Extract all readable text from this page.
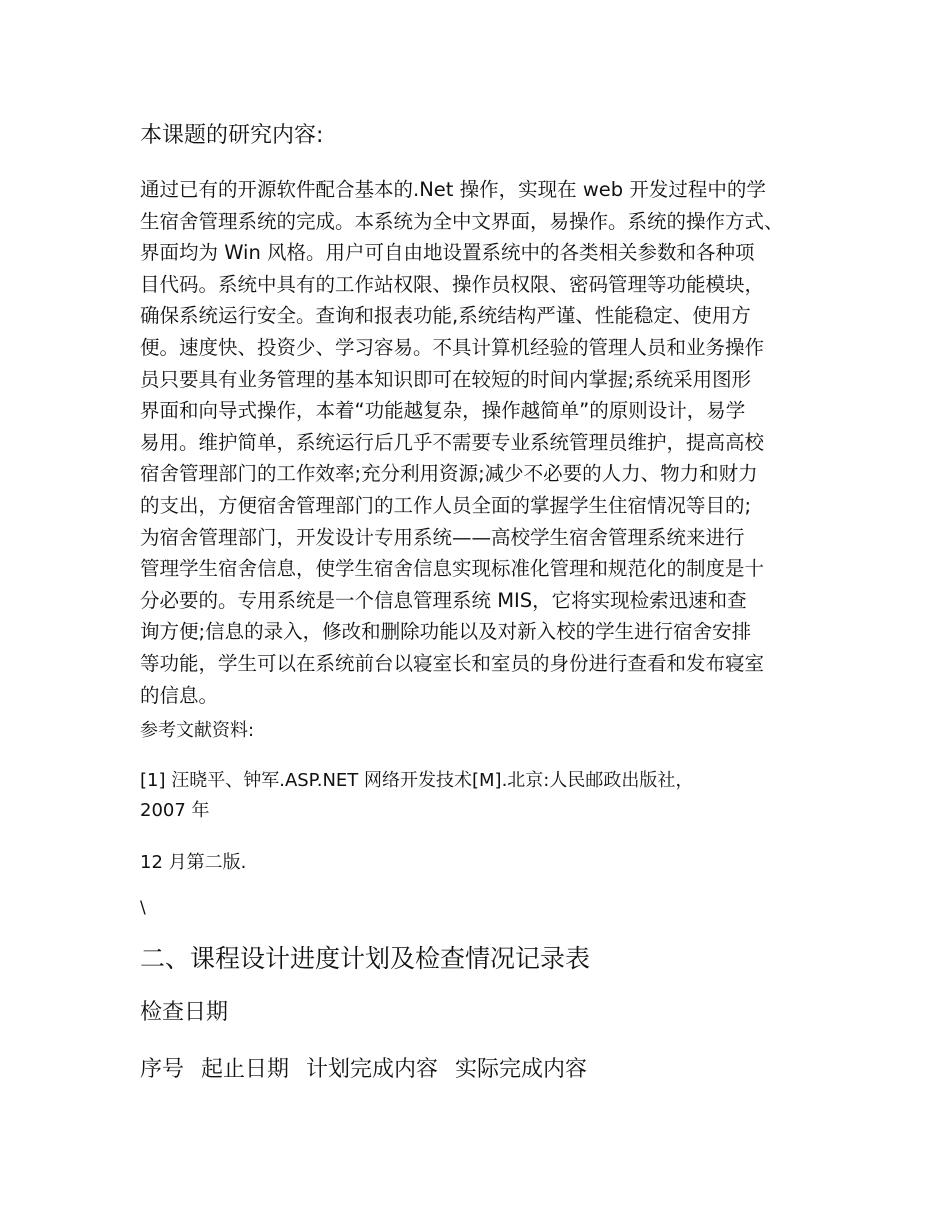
本课题的研究内容:

通过已有的开源软件配合基本的.Net 操作，实现在 web 开发过程中的学
生宿舍管理系统的完成。本系统为全中文界面，易操作。系统的操作方式、
界面均为 Win 风格。用户可自由地设置系统中的各类相关参数和各种项
目代码。系统中具有的工作站权限、操作员权限、密码管理等功能模块，
确保系统运行安全。查询和报表功能,系统结构严谨、性能稳定、使用方
便。速度快、投资少、学习容易。不具计算机经验的管理人员和业务操作
员只要具有业务管理的基本知识即可在较短的时间内掌握;系统采用图形
界面和向导式操作，本着“功能越复杂，操作越简单”的原则设计，易学
易用。维护简单，系统运行后几乎不需要专业系统管理员维护，提高高校
宿舍管理部门的工作效率;充分利用资源;减少不必要的人力、物力和财力
的支出，方便宿舍管理部门的工作人员全面的掌握学生住宿情况等目的;
为宿舍管理部门，开发设计专用系统——高校学生宿舍管理系统来进行
管理学生宿舍信息，使学生宿舍信息实现标准化管理和规范化的制度是十
分必要的。专用系统是一个信息管理系统 MIS，它将实现检索迅速和查
询方便;信息的录入，修改和删除功能以及对新入校的学生进行宿舍安排
等功能，学生可以在系统前台以寝室长和室员的身份进行查看和发布寝室
的信息。

参考文献资料:

[1] 汪晓平、钟军.ASP.NET 网络开发技术[M].北京:人民邮政出版社，
2007 年

12 月第二版.

\

二、课程设计进度计划及检查情况记录表

检查日期

序号 起止日期 计划完成内容 实际完成内容
